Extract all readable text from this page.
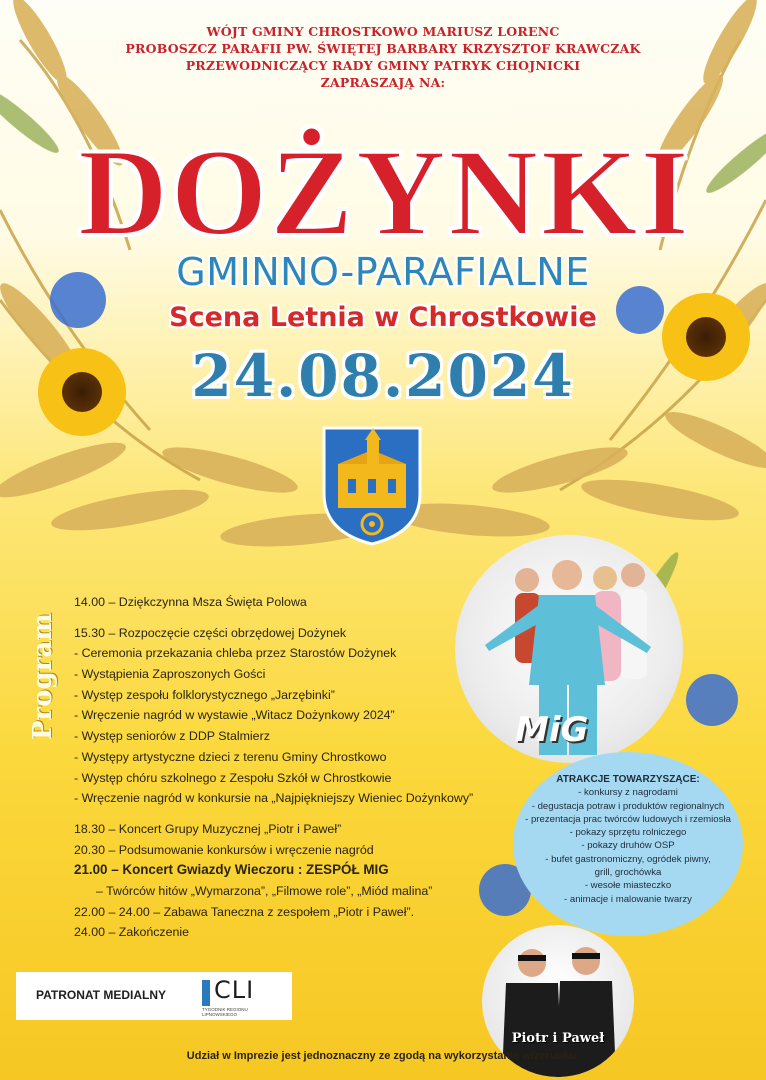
WÓJT GMINY CHROSTKOWO MARIUSZ LORENC
PROBOSZCZ PARAFII PW. ŚWIĘTEJ BARBARY KRZYSZTOF KRAWCZAK
PRZEWODNICZĄCY RADY GMINY PATRYK CHOJNICKI
ZAPRASZAJĄ NA:
DOŻYNKI
GMINNO-PARAFIALNE
Scena Letnia w Chrostkowie
24.08.2024
Program
14.00 – Dziękczynna Msza Święta Polowa
15.30 – Rozpoczęcie części obrzędowej Dożynek
- Ceremonia przekazania chleba przez Starostów Dożynek
- Wystąpienia Zaproszonych Gości
- Występ zespołu folklorystycznego „Jarzębinki”
- Wręczenie nagród w wystawie „Witacz Dożynkowy 2024”
- Występ seniorów z DDP Stalmierz
- Występy artystyczne dzieci z terenu Gminy Chrostkowo
- Występ chóru szkolnego z Zespołu Szkół w Chrostkowie
- Wręczenie nagród w konkursie na „Najpiękniejszy Wieniec Dożynkowy”
18.30 – Koncert Grupy Muzycznej „Piotr i Paweł”
20.30 – Podsumowanie konkursów i wręczenie nagród
21.00 – Koncert Gwiazdy Wieczoru : ZESPÓŁ MIG
– Twórców hitów „Wymarzona”, „Filmowe role”, „Miód malina”
22.00 – 24.00 – Zabawa Taneczna z zespołem „Piotr i Paweł”.
24.00 – Zakończenie
MiG
ATRAKCJE TOWARZYSZĄCE:
- konkursy z nagrodami
- degustacja potraw i produktów regionalnych
- prezentacja prac twórców ludowych i rzemiosła
- pokazy sprzętu rolniczego
- pokazy druhów OSP
- bufet gastronomiczny, ogródek piwny,
grill, grochówka
- wesołe miasteczko
- animacje i malowanie twarzy
Piotr i Paweł
PATRONAT MEDIALNY CLI
TYGODNIK REGIONU LIPNOWSKIEGO
Udział w Imprezie jest jednoznaczny ze zgodą na wykorzystanie wizerunku.
